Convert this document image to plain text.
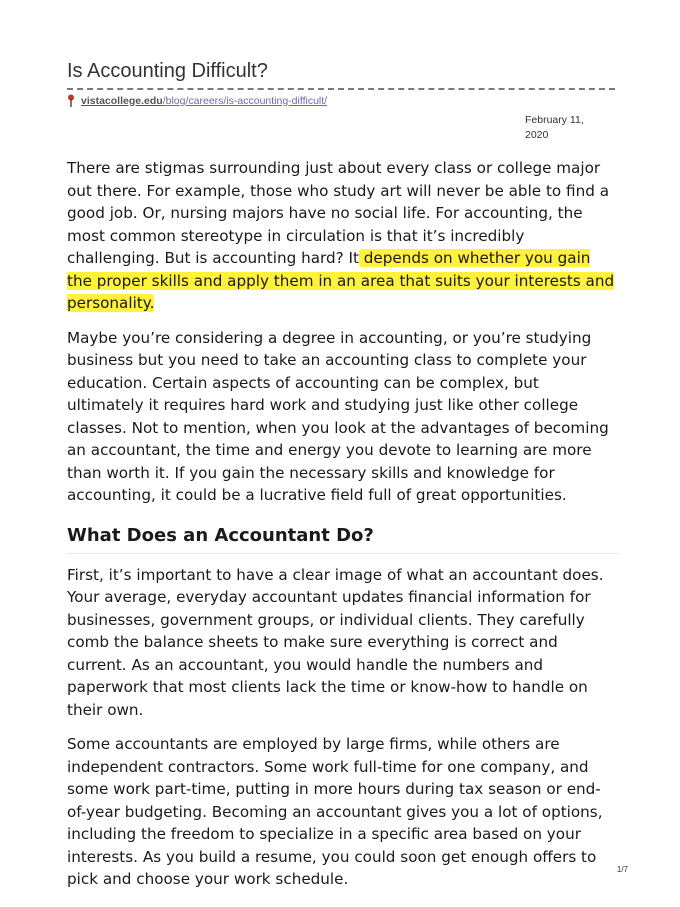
Is Accounting Difficult?
vistacollege.edu/blog/careers/is-accounting-difficult/
February 11, 2020

There are stigmas surrounding just about every class or college major out there. For example, those who study art will never be able to find a good job. Or, nursing majors have no social life. For accounting, the most common stereotype in circulation is that it’s incredibly challenging. But is accounting hard? It depends on whether you gain the proper skills and apply them in an area that suits your interests and personality.

Maybe you’re considering a degree in accounting, or you’re studying business but you need to take an accounting class to complete your education. Certain aspects of accounting can be complex, but ultimately it requires hard work and studying just like other college classes. Not to mention, when you look at the advantages of becoming an accountant, the time and energy you devote to learning are more than worth it. If you gain the necessary skills and knowledge for accounting, it could be a lucrative field full of great opportunities.

What Does an Accountant Do?

First, it’s important to have a clear image of what an accountant does. Your average, everyday accountant updates financial information for businesses, government groups, or individual clients. They carefully comb the balance sheets to make sure everything is correct and current. As an accountant, you would handle the numbers and paperwork that most clients lack the time or know-how to handle on their own.

Some accountants are employed by large firms, while others are independent contractors. Some work full-time for one company, and some work part-time, putting in more hours during tax season or end-of-year budgeting. Becoming an accountant gives you a lot of options, including the freedom to specialize in a specific area based on your interests. As you build a resume, you could soon get enough offers to pick and choose your work schedule.

1/7
